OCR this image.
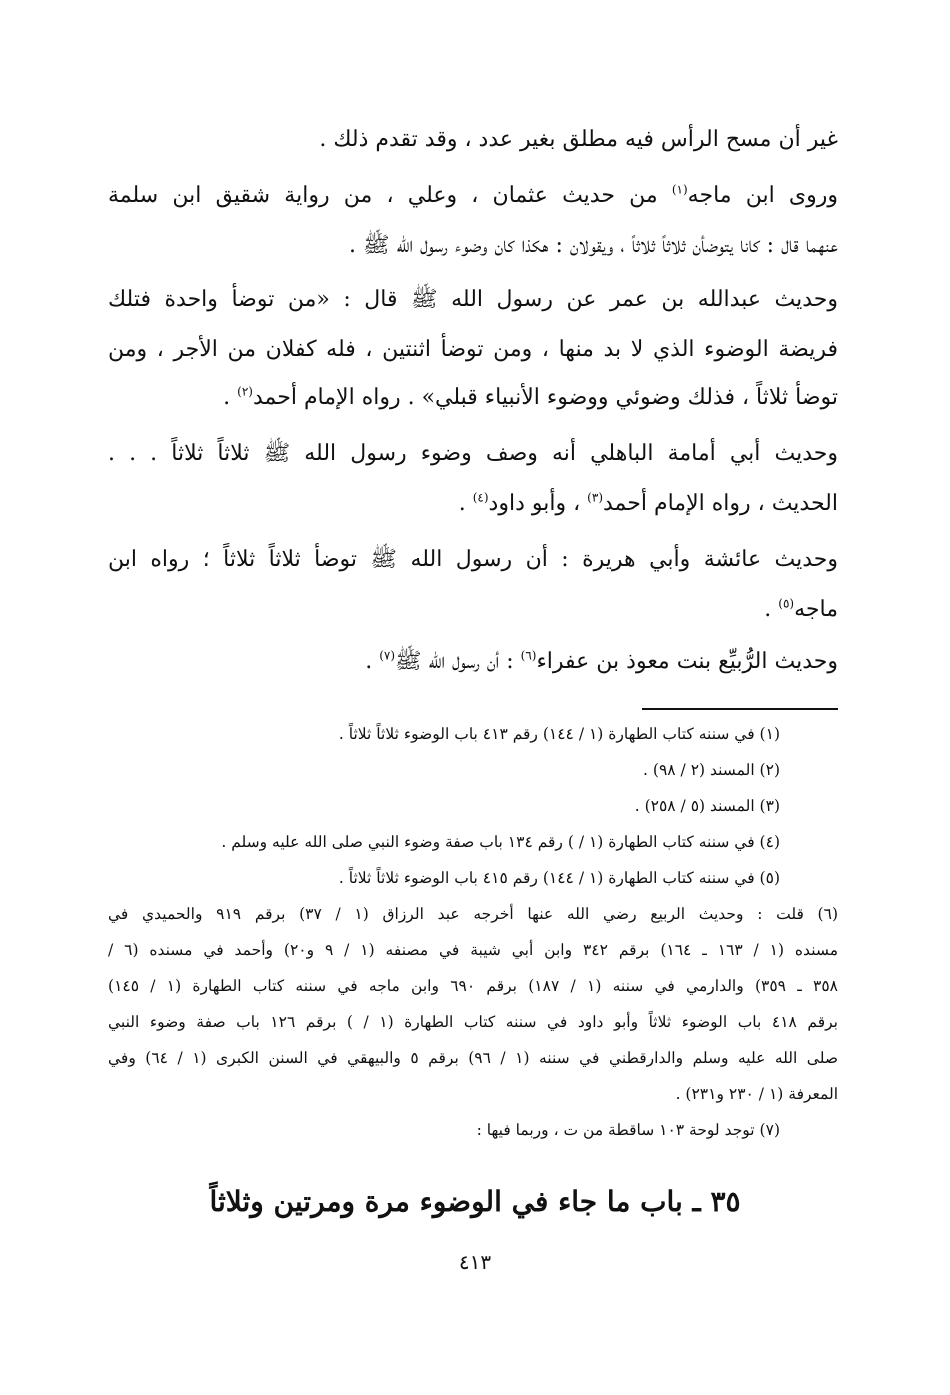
غير أن مسح الرأس فيه مطلق بغير عدد ، وقد تقدم ذلك .

وروى ابن ماجه$^{(١)}$ من حديث عثمان ، وعلي ، من رواية شقيق ابن سلمة

عنهما قال : كانا يتوضأن ثلاثاً ثلاثاً ، ويقولان : هكذا كان وضوء رسول الله ﷺ .

وحديث عبدالله بن عمر عن رسول الله ﷺ قال : «من توضأ واحدة فتلك

فريضة الوضوء الذي لا بد منها ، ومن توضأ اثنتين ، فله كفلان من الأجر ، ومن

توضأ ثلاثاً ، فذلك وضوئي ووضوء الأنبياء قبلي» . رواه الإمام أحمد$^{(٢)}$ .

وحديث أبي أمامة الباهلي أنه وصف وضوء رسول الله ﷺ ثلاثاً ثلاثاً . . .

الحديث ، رواه الإمام أحمد$^{(٣)}$ ، وأبو داود$^{(٤)}$ .

وحديث عائشة وأبي هريرة : أن رسول الله ﷺ توضأ ثلاثاً ثلاثاً ؛ رواه ابن

ماجه$^{(٥)}$ .

وحديث الرُّبيِّع بنت معوذ بن عفراء$^{(٦)}$ : أن رسول الله ﷺ$^{(٧)}$ .

(١) في سننه كتاب الطهارة (١ / ١٤٤) رقم ٤١٣ باب الوضوء ثلاثاً ثلاثاً .

(٢) المسند (٢ / ٩٨) .

(٣) المسند (٥ / ٢٥٨) .

(٤) في سننه كتاب الطهارة (١ / ) رقم ١٣٤ باب صفة وضوء النبي صلى الله عليه وسلم .

(٥) في سننه كتاب الطهارة (١ / ١٤٤) رقم ٤١٥ باب الوضوء ثلاثاً ثلاثاً .

(٦) قلت : وحديث الربيع رضي الله عنها أخرجه عبد الرزاق (١ / ٣٧) برقم ٩١٩ والحميدي في

مسنده (١ / ١٦٣ ـ ١٦٤) برقم ٣٤٢ وابن أبي شيبة في مصنفه (١ / ٩ و٢٠) وأحمد في مسنده (٦ /

٣٥٨ ـ ٣٥٩) والدارمي في سننه (١ / ١٨٧) برقم ٦٩٠ وابن ماجه في سننه كتاب الطهارة (١ / ١٤٥)

برقم ٤١٨ باب الوضوء ثلاثاً وأبو داود في سننه كتاب الطهارة (١ / ) برقم ١٢٦ باب صفة وضوء النبي

صلى الله عليه وسلم والدارقطني في سننه (١ / ٩٦) برقم ٥ والبيهقي في السنن الكبرى (١ / ٦٤) وفي

المعرفة (١ / ٢٣٠ و٢٣١) .

(٧) توجد لوحة ١٠٣ ساقطة من ت ، وربما فيها :

٣٥ ـ باب ما جاء في الوضوء مرة ومرتين وثلاثاً
٤١٣
